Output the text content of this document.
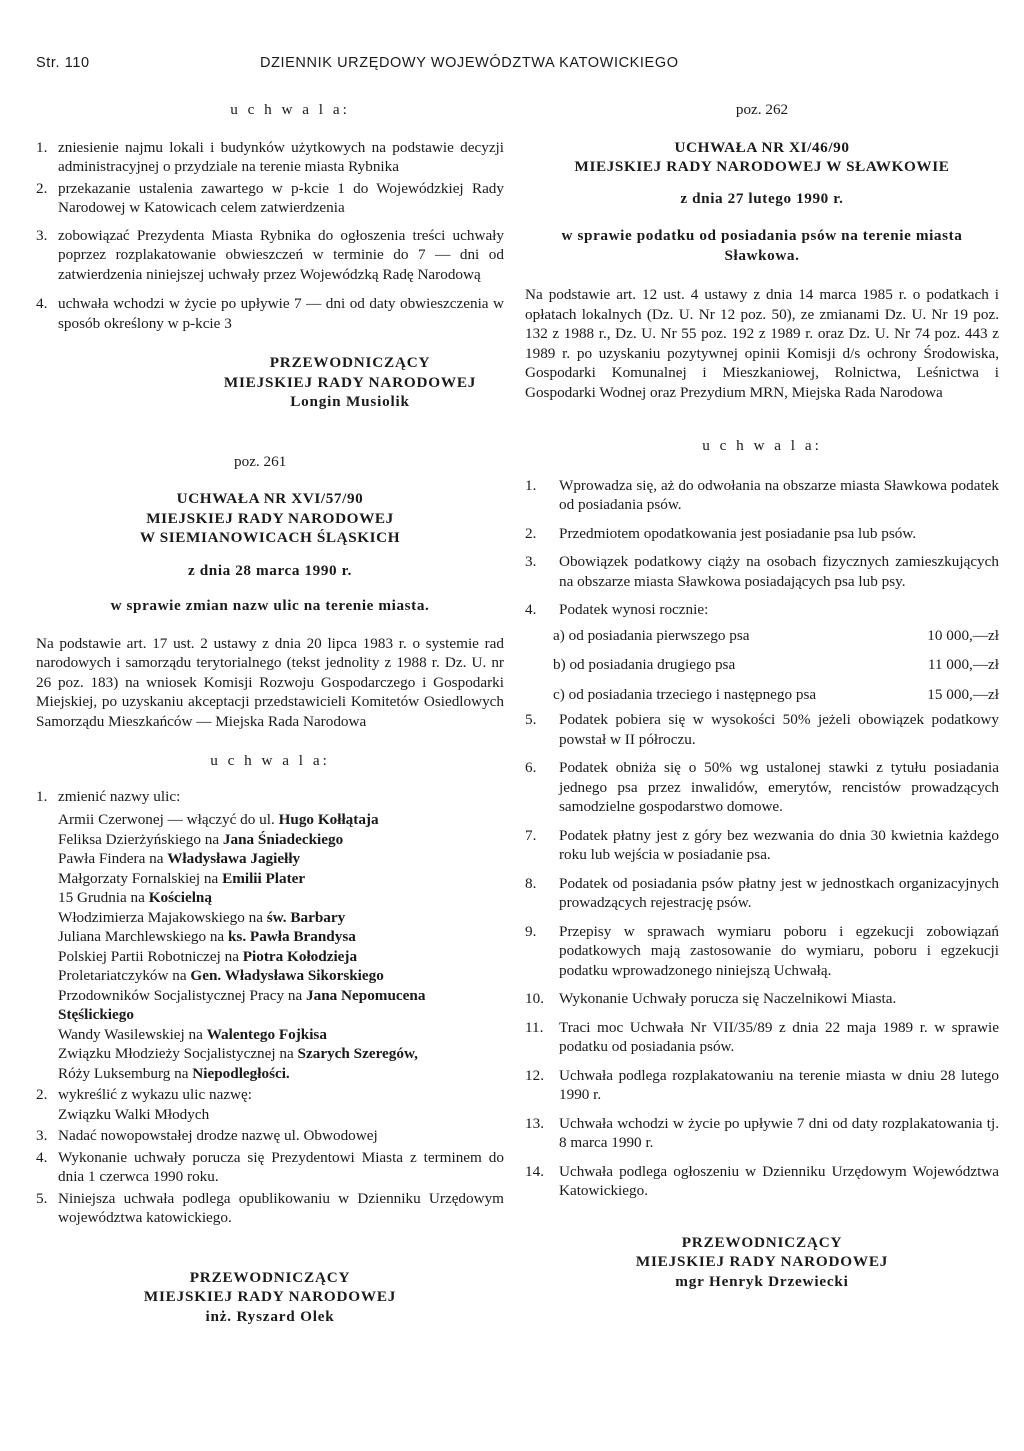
Str. 110	DZIENNIK URZĘDOWY WOJEWÓDZTWA KATOWICKIEGO
u c h w a l a:
1. zniesienie najmu lokali i budynków użytkowych na podstawie decyzji administracyjnej o przydziale na terenie miasta Rybnika
2. przekazanie ustalenia zawartego w p-kcie 1 do Wojewódzkiej Rady Narodowej w Katowicach celem zatwierdzenia
3. zobowiązać Prezydenta Miasta Rybnika do ogłoszenia treści uchwały poprzez rozplakatowanie obwieszczeń w terminie do 7 — dni od zatwierdzenia niniejszej uchwały przez Wojewódzką Radę Narodową
4. uchwała wchodzi w życie po upływie 7 — dni od daty obwieszczenia w sposób określony w p-kcie 3
PRZEWODNICZĄCY
MIEJSKIEJ RADY NARODOWEJ
Longin Musiolik
poz. 261
UCHWAŁA NR XVI/57/90
MIEJSKIEJ RADY NARODOWEJ
W SIEMIANOWICACH ŚLĄSKICH
z dnia 28 marca 1990 r.
w sprawie zmian nazw ulic na terenie miasta.
Na podstawie art. 17 ust. 2 ustawy z dnia 20 lipca 1983 r. o systemie rad narodowych i samorządu terytorialnego (tekst jednolity z 1988 r. Dz. U. nr 26 poz. 183) na wniosek Komisji Rozwoju Gospodarczego i Gospodarki Miejskiej, po uzyskaniu akceptacji przedstawicieli Komitetów Osiedlowych Samorządu Mieszkańców — Miejska Rada Narodowa
u c h w a l a:
1. zmienić nazwy ulic:
Armii Czerwonej — włączyć do ul. Hugo Kołłątaja
Feliksa Dzierżyńskiego na Jana Śniadeckiego
Pawła Findera na Władysława Jagiełły
Małgorzaty Fornalskiej na Emilii Plater
15 Grudnia na Kościelną
Włodzimierza Majakowskiego na św. Barbary
Juliana Marchlewskiego na ks. Pawła Brandysa
Polskiej Partii Robotniczej na Piotra Kołodzieja
Proletariatczyków na Gen. Władysława Sikorskiego
Przodowników Socjalistycznej Pracy na Jana Nepomucena Stęślickiego
Wandy Wasilewskiej na Walentego Fojkisa
Związku Młodzieży Socjalistycznej na Szarych Szeregów,
Róży Luksemburg na Niepodległości.
2. wykreślić z wykazu ulic nazwę:
Związku Walki Młodych
3. Nadać nowopowstałej drodze nazwę ul. Obwodowej
4. Wykonanie uchwały porucza się Prezydentowi Miasta z terminem do dnia 1 czerwca 1990 roku.
5. Niniejsza uchwała podlega opublikowaniu w Dzienniku Urzędowym województwa katowickiego.
PRZEWODNICZĄCY
MIEJSKIEJ RADY NARODOWEJ
inż. Ryszard Olek
poz. 262
UCHWAŁA NR XI/46/90
MIEJSKIEJ RADY NARODOWEJ W SŁAWKOWIE
z dnia 27 lutego 1990 r.
w sprawie podatku od posiadania psów na terenie miasta Sławkowa.
Na podstawie art. 12 ust. 4 ustawy z dnia 14 marca 1985 r. o podatkach i opłatach lokalnych (Dz. U. Nr 12 poz. 50), ze zmianami Dz. U. Nr 19 poz. 132 z 1988 r., Dz. U. Nr 55 poz. 192 z 1989 r. oraz Dz. U. Nr 74 poz. 443 z 1989 r. po uzyskaniu pozytywnej opinii Komisji d/s ochrony Środowiska, Gospodarki Komunalnej i Mieszkaniowej, Rolnictwa, Leśnictwa i Gospodarki Wodnej oraz Prezydium MRN, Miejska Rada Narodowa
u c h w a l a:
1.	Wprowadza się, aż do odwołania na obszarze miasta Sławkowa podatek od posiadania psów.
2.	Przedmiotem opodatkowania jest posiadanie psa lub psów.
3.	Obowiązek podatkowy ciąży na osobach fizycznych zamieszkujących na obszarze miasta Sławkowa posiadających psa lub psy.
4.	Podatek wynosi rocznie:
a) od posiadania pierwszego psa	10 000,—zł
b) od posiadania drugiego psa	11 000,—zł
c) od posiadania trzeciego i następnego psa	15 000,—zł
5.	Podatek pobiera się w wysokości 50% jeżeli obowiązek podatkowy powstał w II półroczu.
6.	Podatek obniża się o 50% wg ustalonej stawki z tytułu posiadania jednego psa przez inwalidów, emerytów, rencistów prowadzących samodzielne gospodarstwo domowe.
7.	Podatek płatny jest z góry bez wezwania do dnia 30 kwietnia każdego roku lub wejścia w posiadanie psa.
8.	Podatek od posiadania psów płatny jest w jednostkach organizacyjnych prowadzących rejestrację psów.
9.	Przepisy w sprawach wymiaru poboru i egzekucji zobowiązań podatkowych mają zastosowanie do wymiaru, poboru i egzekucji podatku wprowadzonego niniejszą Uchwałą.
10. Wykonanie Uchwały porucza się Naczelnikowi Miasta.
11.	Traci moc Uchwała Nr VII/35/89 z dnia 22 maja 1989 r. w sprawie podatku od posiadania psów.
12. Uchwała podlega rozplakatowaniu na terenie miasta w dniu 28 lutego 1990 r.
13. Uchwała wchodzi w życie po upływie 7 dni od daty rozplakatowania tj. 8 marca 1990 r.
14. Uchwała podlega ogłoszeniu w Dzienniku Urzędowym Województwa Katowickiego.
PRZEWODNICZĄCY
MIEJSKIEJ RADY NARODOWEJ
mgr Henryk Drzewiecki
